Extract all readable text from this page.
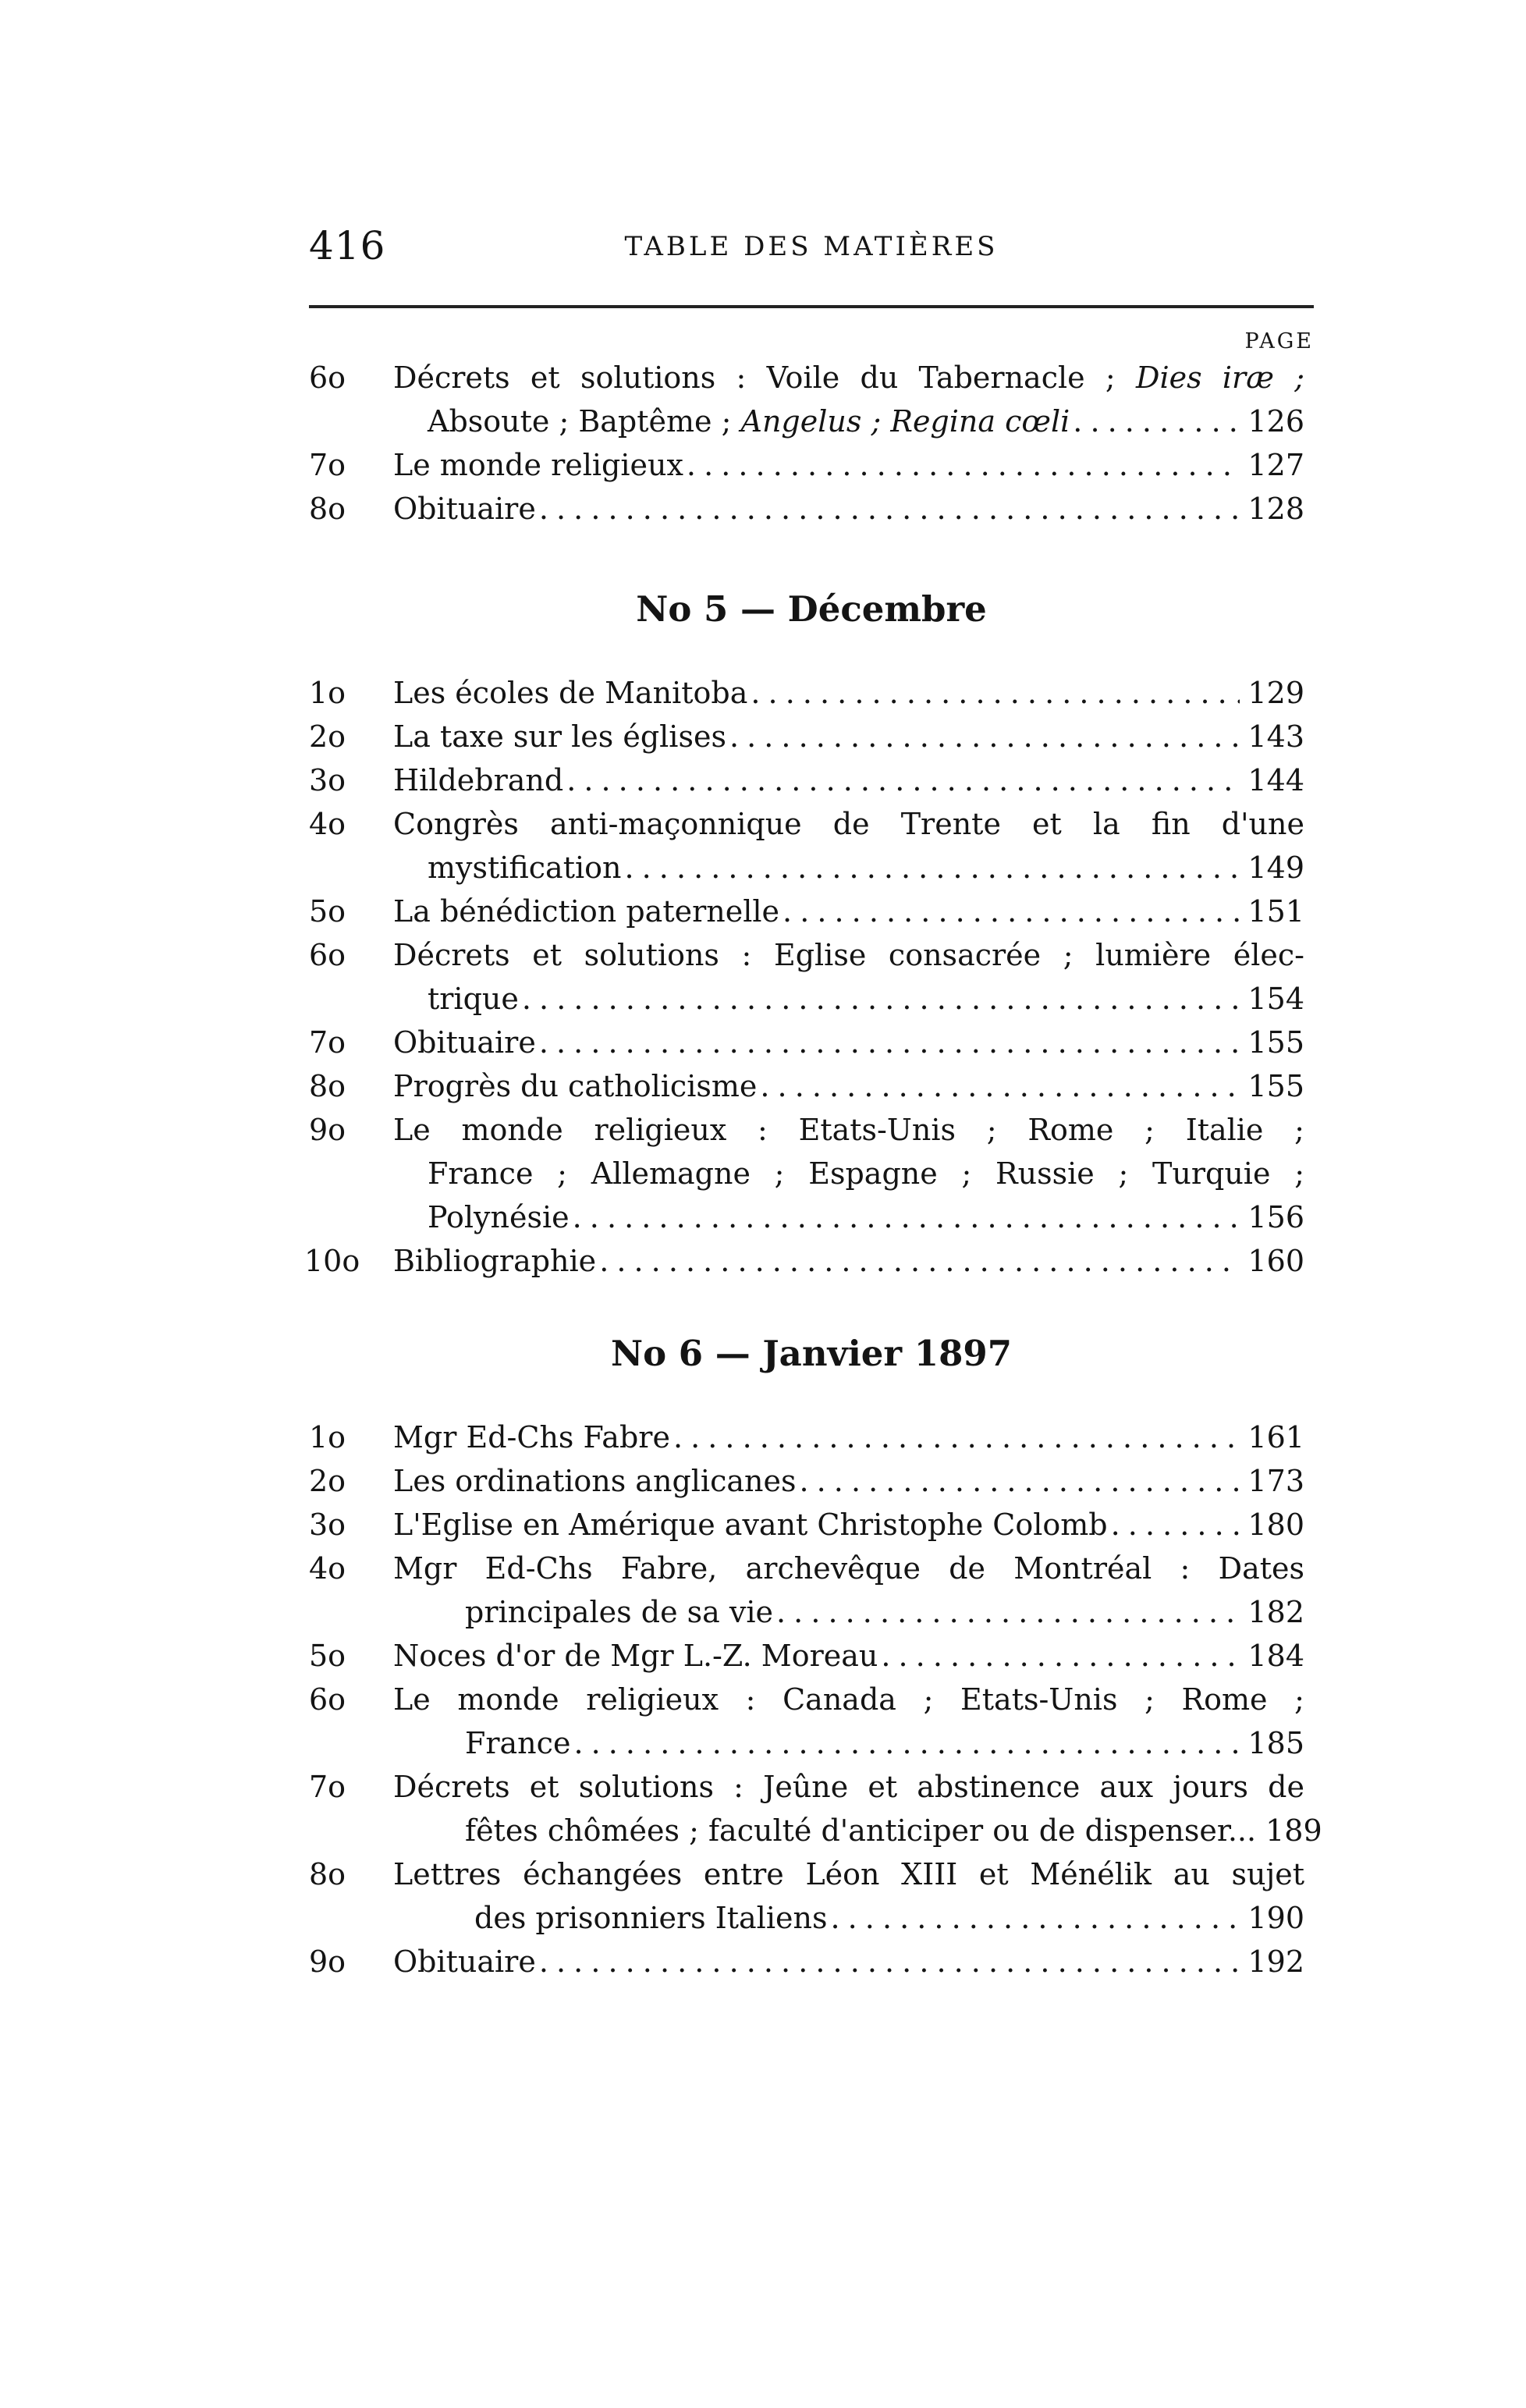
416	TABLE DES MATIÈRES
PAGE
6o	Décrets et solutions : Voile du Tabernacle ; Dies iræ ;
Absoute ; Baptême ; Angelus ; Regina cœli . . .	126
7o	Le monde religieux . . .	127
8o	Obituaire . . .	128
No 5 — Décembre
1o	Les écoles de Manitoba . . .	129
2o	La taxe sur les églises . . .	143
3o	Hildebrand . . .	144
4o	Congrès anti-maçonnique de Trente et la fin d'une
mystification . . .	149
5o	La bénédiction paternelle . . .	151
6o	Décrets et solutions : Eglise consacrée ; lumière élec-
trique . . .	154
7o	Obituaire . . .	155
8o	Progrès du catholicisme . . .	155
9o	Le monde religieux : Etats-Unis ; Rome ; Italie ;
France ; Allemagne ; Espagne ; Russie ; Turquie ;
Polynésie . . .	156
10o	Bibliographie . . .	160
No 6 — Janvier 1897
1o	Mgr Ed-Chs Fabre . . .	161
2o	Les ordinations anglicanes . . .	173
3o	L'Eglise en Amérique avant Christophe Colomb . . .	180
4o	Mgr Ed-Chs Fabre, archevêque de Montréal : Dates
principales de sa vie . . .	182
5o	Noces d'or de Mgr L.-Z. Moreau . . .	184
6o	Le monde religieux : Canada ; Etats-Unis ; Rome ;
France . . .	185
7o	Décrets et solutions : Jeûne et abstinence aux jours de
fêtes chômées ; faculté d'anticiper ou de dispenser... 189
8o	Lettres échangées entre Léon XIII et Ménélik au sujet
des prisonniers Italiens . . .	190
9o	Obituaire . . .	192
